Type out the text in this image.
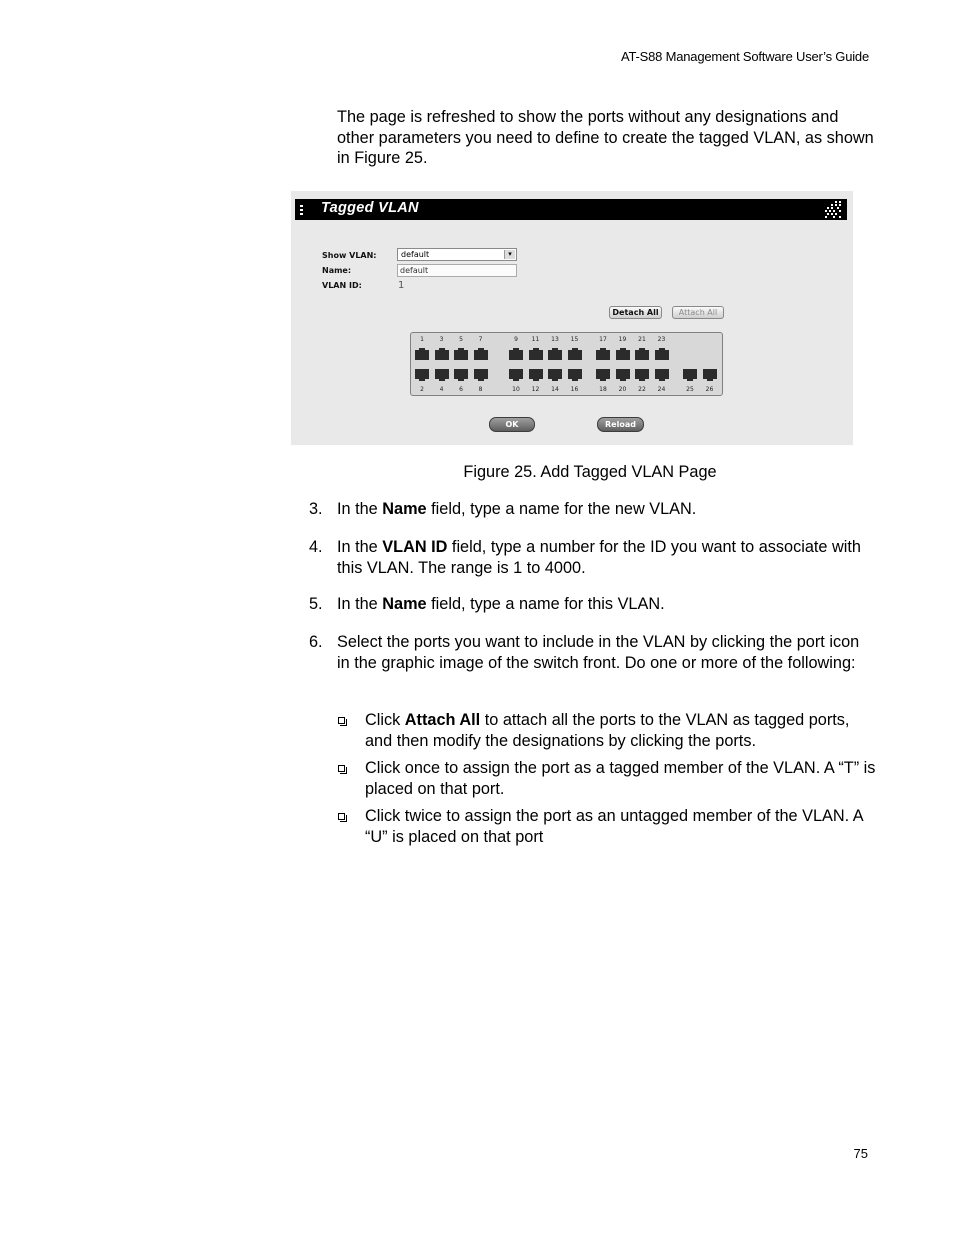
AT-S88 Management Software User’s Guide

The page is refreshed to show the ports without any designations and other parameters you need to define to create the tagged VLAN, as shown in Figure 25.

Tagged VLAN
Show VLAN:	default	▾
Name:	default
VLAN ID:	1
Detach All	Attach All
OK	Reload
1	3	5	7	9	11	13	15	17	19	21	23
2	4	6	8	10	12	14	16	18	20	22	24	25	26
Figure 25. Add Tagged VLAN Page
3. In the Name field, type a name for the new VLAN.
4. In the VLAN ID field, type a number for the ID you want to associate with this VLAN. The range is 1 to 4000.
5. In the Name field, type a name for this VLAN.
6. Select the ports you want to include in the VLAN by clicking the port icon in the graphic image of the switch front. Do one or more of the following:
Click Attach All to attach all the ports to the VLAN as tagged ports, and then modify the designations by clicking the ports.
Click once to assign the port as a tagged member of the VLAN. A “T” is placed on that port.
Click twice to assign the port as an untagged member of the VLAN. A “U” is placed on that port
75
